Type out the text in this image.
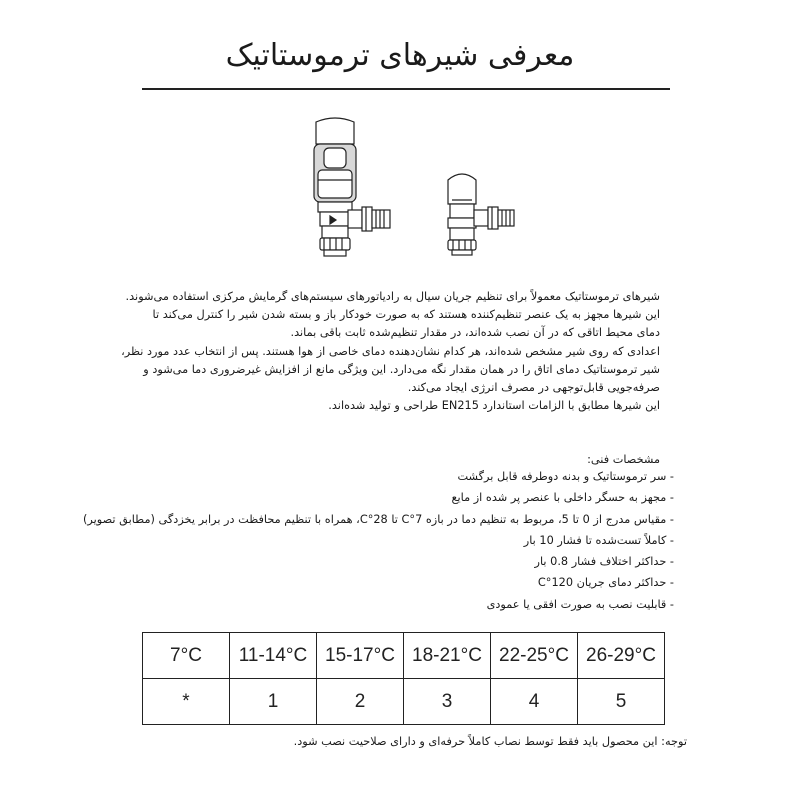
معرفی شیرهای ترموستاتیک

شیرهای ترموستاتیک معمولاً برای تنظیم جریان سیال به رادیاتورهای سیستم‌های گرمایش مرکزی استفاده می‌شوند.

این شیرها مجهز به یک عنصر تنظیم‌کننده هستند که به صورت خودکار باز و بسته شدن شیر را کنترل می‌کند تا

دمای محیط اتاقی که در آن نصب شده‌اند، در مقدار تنظیم‌شده ثابت باقی بماند.

اعدادی که روی شیر مشخص شده‌اند، هر کدام نشان‌دهنده دمای خاصی از هوا هستند. پس از انتخاب عدد مورد نظر،

شیر ترموستاتیک دمای اتاق را در همان مقدار نگه می‌دارد. این ویژگی مانع از افزایش غیرضروری دما می‌شود و

صرفه‌جویی قابل‌توجهی در مصرف انرژی ایجاد می‌کند.

این شیرها مطابق با الزامات استاندارد EN215 طراحی و تولید شده‌اند.

مشخصات فنی:
- سر ترموستاتیک و بدنه دوطرفه قابل برگشت
- مجهز به حسگر داخلی با عنصر پر شده از مایع
- مقیاس مدرج از 0 تا 5، مربوط به تنظیم دما در بازه 7°C تا 28°C، همراه با تنظیم محافظت در برابر یخزدگی (مطابق تصویر)
- کاملاً تست‌شده تا فشار 10 بار
- حداکثر اختلاف فشار 0.8 بار
- حداکثر دمای جریان 120°C
- قابلیت نصب به صورت افقی یا عمودی
7°C	11-14°C	15-17°C	18-21°C	22-25°C	26-29°C
*	1	2	3	4	5
توجه: این محصول باید فقط توسط نصاب کاملاً حرفه‌ای و دارای صلاحیت نصب شود.
